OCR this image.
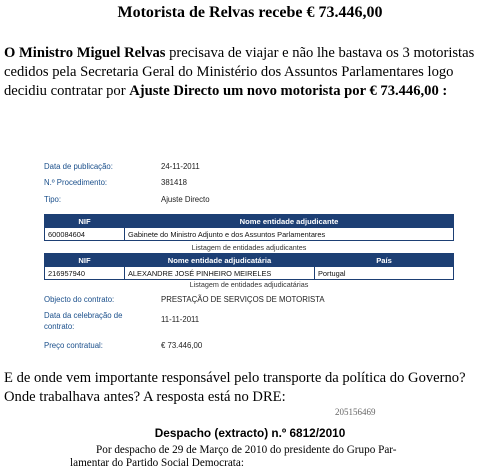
Motorista de Relvas recebe € 73.446,00

O Ministro Miguel Relvas precisava de viajar e não lhe bastava os 3 motoristas cedidos pela Secretaria Geral do Ministério dos Assuntos Parlamentares logo decidiu contratar por Ajuste Directo um novo motorista por € 73.446,00 :

Data de publicação:	24-11-2011
N.º Procedimento:	381418
Tipo:	Ajuste Directo
NIF	Nome entidade adjudicante
600084604	Gabinete do Ministro Adjunto e dos Assuntos Parlamentares
Listagem de entidades adjudicantes
NIF	Nome entidade adjudicatária	País
216957940	ALEXANDRE JOSÉ PINHEIRO MEIRELES	Portugal
Listagem de entidades adjudicatárias
Objecto do contrato:	PRESTAÇÃO DE SERVIÇOS DE MOTORISTA
Data da celebração de	11-11-2011
contrato:
Preço contratual:	€ 73.446,00

E de onde vem importante responsável pelo transporte da política do Governo? Onde trabalhava antes? A resposta está no DRE:

205156469
Despacho (extracto) n.º 6812/2010
Por despacho de 29 de Março de 2010 do presidente do Grupo Par-
lamentar do Partido Social Democrata:
